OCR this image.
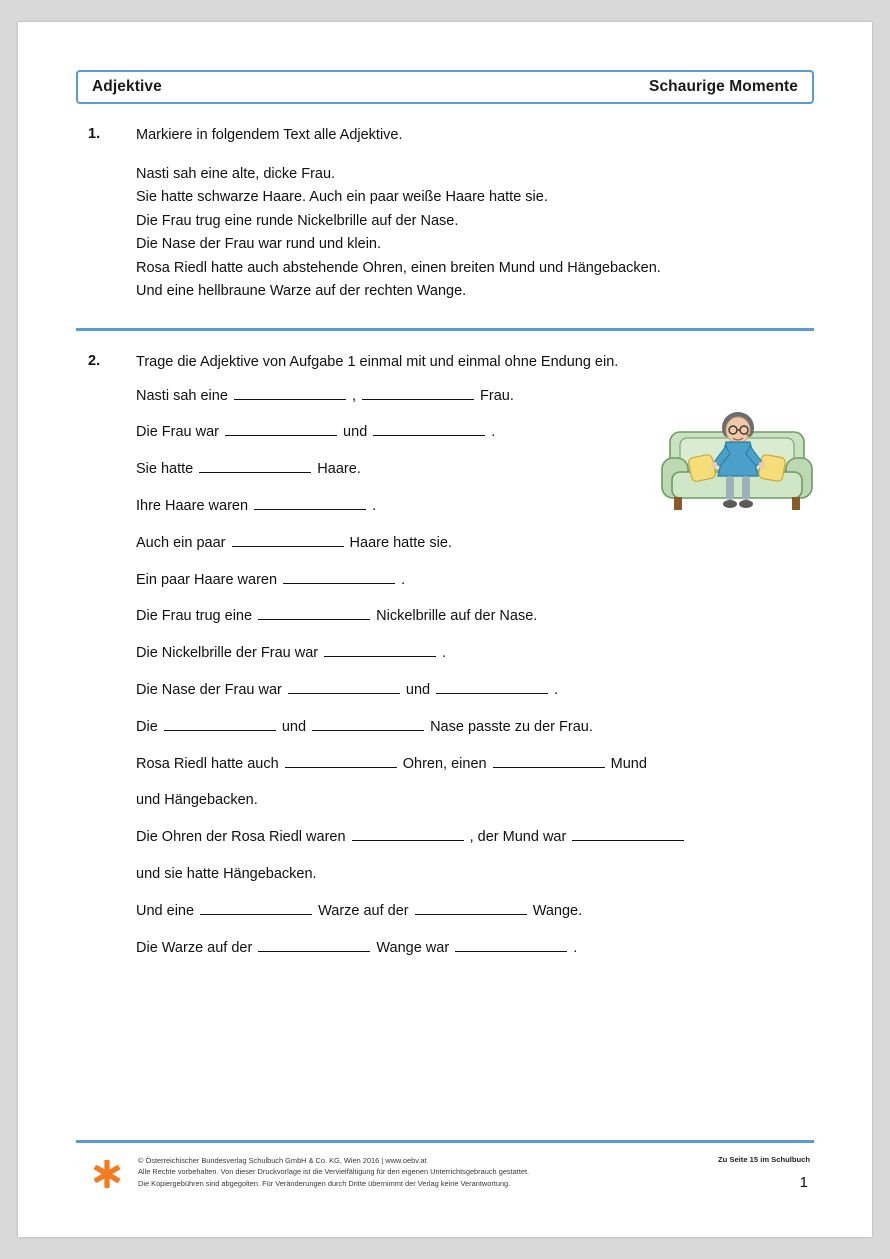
Adjektive	Schaurige Momente
1.	Markiere in folgendem Text alle Adjektive.
Nasti sah eine alte, dicke Frau.
Sie hatte schwarze Haare. Auch ein paar weiße Haare hatte sie.
Die Frau trug eine runde Nickelbrille auf der Nase.
Die Nase der Frau war rund und klein.
Rosa Riedl hatte auch abstehende Ohren, einen breiten Mund und Hängebacken.
Und eine hellbraune Warze auf der rechten Wange.
2.	Trage die Adjektive von Aufgabe 1 einmal mit und einmal ohne Endung ein.
Nasti sah eine	,	Frau.
Die Frau war	und	.
Sie hatte	Haare.
Ihre Haare waren	.
Auch ein paar	Haare hatte sie.
Ein paar Haare waren	.
Die Frau trug eine	Nickelbrille auf der Nase.
Die Nickelbrille der Frau war	.
Die Nase der Frau war	und	.
Die	und	Nase passte zu der Frau.
Rosa Riedl hatte auch	Ohren, einen	Mund
und Hängebacken.
Die Ohren der Rosa Riedl waren	, der Mund war
und sie hatte Hängebacken.
Und eine	Warze auf der	Wange.
Die Warze auf der	Wange war	.
© Österreichischer Bundesverlag Schulbuch GmbH & Co. KG, Wien 2016 | www.oebv.at
Alle Rechte vorbehalten. Von dieser Druckvorlage ist die Vervielfältigung für den eigenen Unterrichtsgebrauch gestattet.
Die Kopiergebühren sind abgegolten. Für Veränderungen durch Dritte übernimmt der Verlag keine Verantwortung.
Zu Seite 15 im Schulbuch
1
